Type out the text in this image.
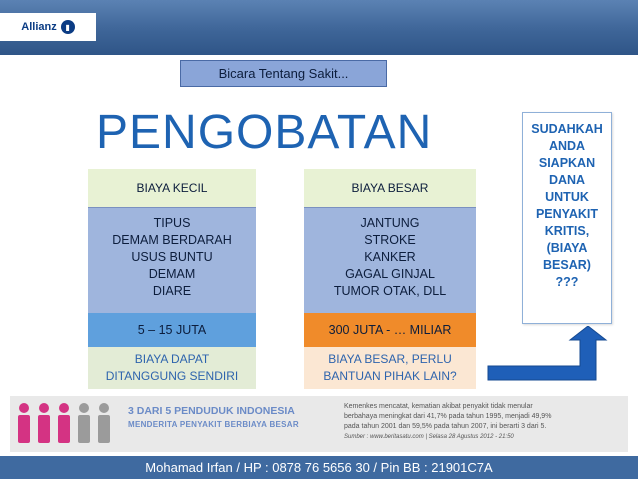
Allianz	▮
Bicara Tentang Sakit...
PENGOBATAN
BIAYA KECIL
TIPUS
DEMAM BERDARAH
USUS BUNTU
DEMAM
DIARE
5 – 15 JUTA
BIAYA DAPAT
DITANGGUNG SENDIRI
BIAYA BESAR
JANTUNG
STROKE
KANKER
GAGAL GINJAL
TUMOR OTAK, DLL
300 JUTA - … MILIAR
BIAYA BESAR, PERLU
BANTUAN PIHAK LAIN?
SUDAHKAH
ANDA
SIAPKAN
DANA
UNTUK
PENYAKIT
KRITIS,
(BIAYA
BESAR)
???
3 DARI 5 PENDUDUK INDONESIA
MENDERITA PENYAKIT BERBIAYA BESAR
Kemenkes mencatat, kematian akibat penyakit tidak menular
berbahaya meningkat dari 41,7% pada tahun 1995, menjadi 49,9%
pada tahun 2001 dan 59,5% pada tahun 2007, ini berarti 3 dari 5.
Sumber : www.beritasatu.com | Selasa 28 Agustus 2012 - 21:50
Mohamad Irfan / HP : 0878 76 5656 30 / Pin BB : 21901C7A
